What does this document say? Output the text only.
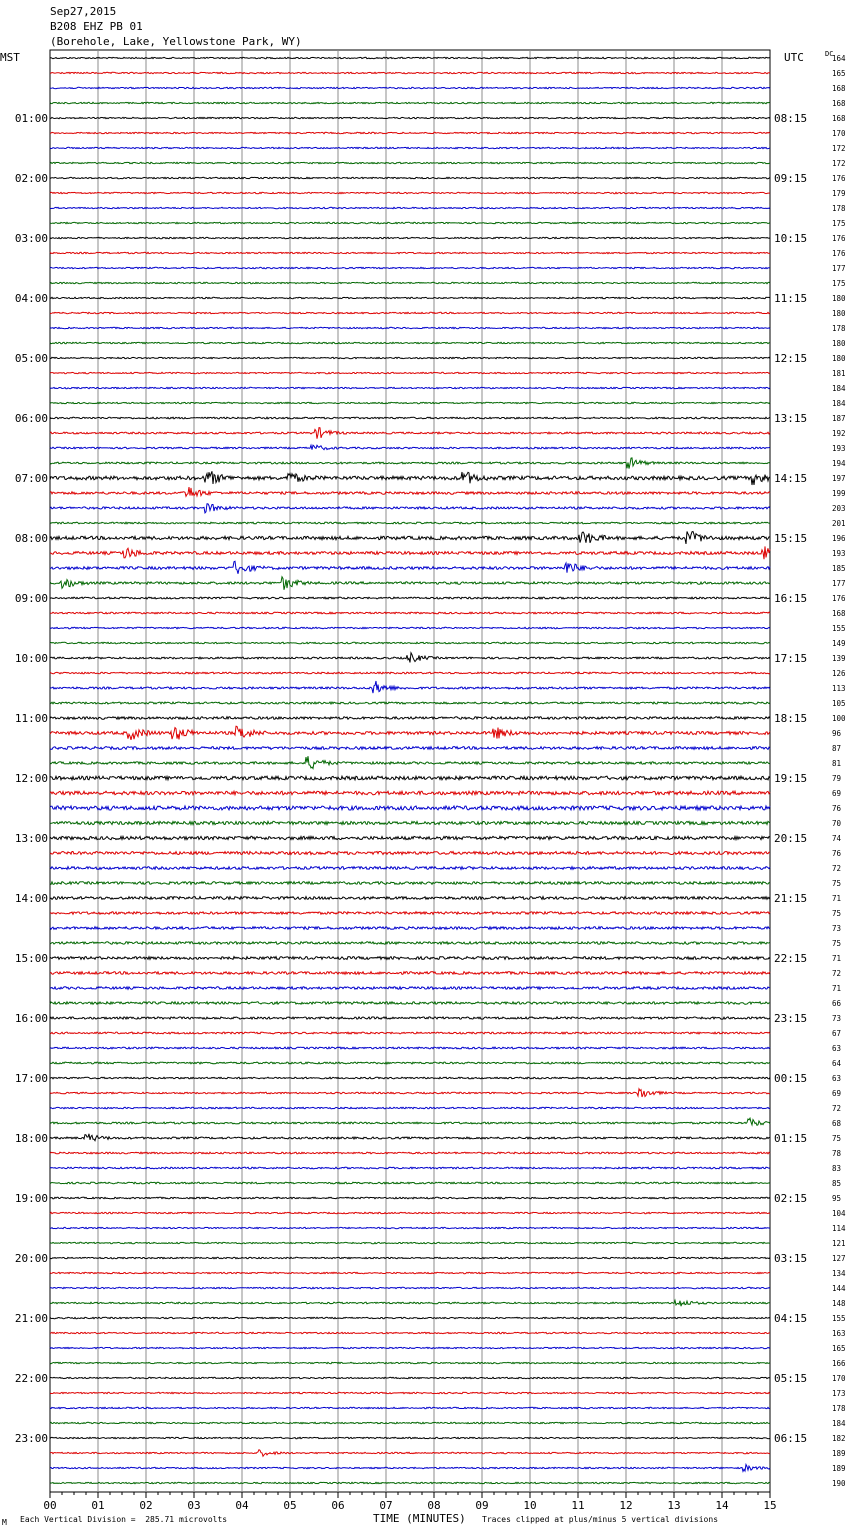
Sep27,2015
B208 EHZ PB 01
(Borehole, Lake, Yellowstone Park, WY)
164
165
168
168
168
170
172
172
176
179
178
175
176
176
177
175
180
180
178
180
180
181
184
184
187
192
193
194
197
199
203
201
196
193
185
177
176
168
155
149
139
126
113
105
100
96
87
81
79
69
76
70
74
76
72
75
71
75
73
75
71
72
71
66
73
67
63
64
63
69
72
68
75
78
83
85
95
104
114
121
127
134
144
148
155
163
165
166
170
173
178
184
182
189
189
190
MST	UTC	DC
01:00	08:15
02:00	09:15
03:00	10:15
04:00	11:15
05:00	12:15
06:00	13:15
07:00	14:15
08:00	15:15
09:00	16:15
10:00	17:15
11:00	18:15
12:00	19:15
13:00	20:15
14:00	21:15
15:00	22:15
16:00	23:15
17:00	00:15
18:00	01:15
19:00	02:15
20:00	03:15
21:00	04:15
22:00	05:15
23:00	06:15
00	01	02	03	04	05	06	07	08	09	10	11	12	13	14	15
M Each Vertical Division =  285.71 microvolts	TIME (MINUTES) Traces clipped at plus/minus 5 vertical divisions
